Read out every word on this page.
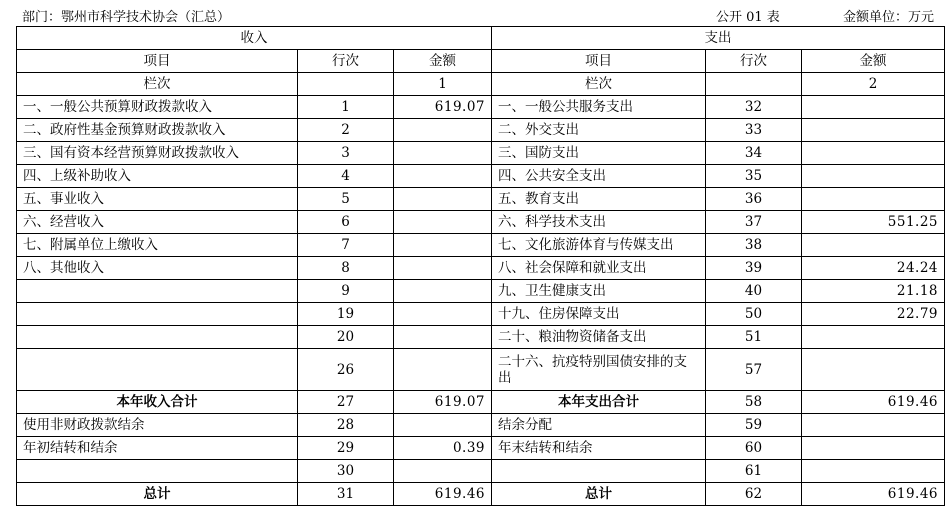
部门：鄂州市科学技术协会（汇总）	公开 01 表	金额单位：万元
收入			支出		
项目	行次	金额	项目	行次	金额
栏次		1	栏次		2
一、一般公共预算财政拨款收入	1	619.07	一、一般公共服务支出	32	
二、政府性基金预算财政拨款收入	2		二、外交支出	33	
三、国有资本经营预算财政拨款收入	3		三、国防支出	34	
四、上级补助收入	4		四、公共安全支出	35	
五、事业收入	5		五、教育支出	36	
六、经营收入	6		六、科学技术支出	37	551.25
七、附属单位上缴收入	7		七、文化旅游体育与传媒支出	38	
八、其他收入	8		八、社会保障和就业支出	39	24.24
	9		九、卫生健康支出	40	21.18
	19		十九、住房保障支出	50	22.79
	20		二十、粮油物资储备支出	51	
	26		二十六、抗疫特别国债安排的支出	57	
本年收入合计	27	619.07	本年支出合计	58	619.46
使用非财政拨款结余	28		结余分配	59	
年初结转和结余	29	0.39	年末结转和结余	60	
	30			61	
总计	31	619.46	总计	62	619.46
